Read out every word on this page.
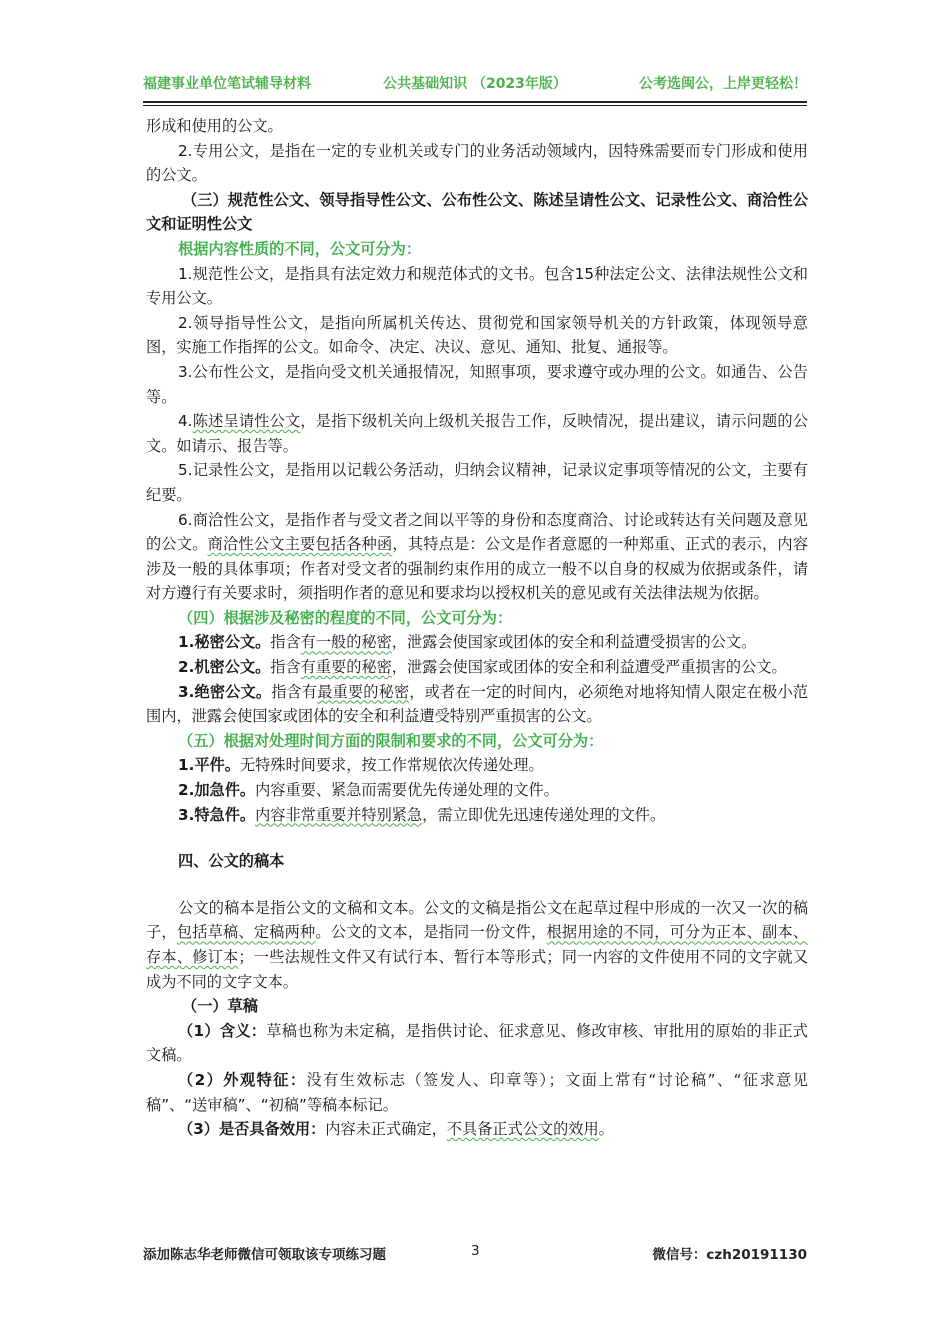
福建事业单位笔试辅导材料	公共基础知识 （2023年版）	公考选闽公，上岸更轻松！

形成和使用的公文。

2.专用公文，是指在一定的专业机关或专门的业务活动领域内，因特殊需要而专门形成和使用的公文。

（三）规范性公文、领导指导性公文、公布性公文、陈述呈请性公文、记录性公文、商洽性公文和证明性公文

根据内容性质的不同，公文可分为：

1.规范性公文，是指具有法定效力和规范体式的文书。包含15种法定公文、法律法规性公文和专用公文。

2.领导指导性公文，是指向所属机关传达、贯彻党和国家领导机关的方针政策，体现领导意图，实施工作指挥的公文。如命令、决定、决议、意见、通知、批复、通报等。

3.公布性公文，是指向受文机关通报情况，知照事项，要求遵守或办理的公文。如通告、公告等。

4.陈述呈请性公文，是指下级机关向上级机关报告工作，反映情况，提出建议，请示问题的公文。如请示、报告等。

5.记录性公文，是指用以记载公务活动，归纳会议精神，记录议定事项等情况的公文，主要有纪要。

6.商洽性公文，是指作者与受文者之间以平等的身份和态度商洽、讨论或转达有关问题及意见的公文。商洽性公文主要包括各种函，其特点是：公文是作者意愿的一种郑重、正式的表示，内容涉及一般的具体事项；作者对受文者的强制约束作用的成立一般不以自身的权威为依据或条件，请对方遵行有关要求时，须指明作者的意见和要求均以授权机关的意见或有关法律法规为依据。

（四）根据涉及秘密的程度的不同，公文可分为：

1.秘密公文。指含有一般的秘密，泄露会使国家或团体的安全和利益遭受损害的公文。

2.机密公文。指含有重要的秘密，泄露会使国家或团体的安全和利益遭受严重损害的公文。

3.绝密公文。指含有最重要的秘密，或者在一定的时间内，必须绝对地将知情人限定在极小范围内，泄露会使国家或团体的安全和利益遭受特别严重损害的公文。

（五）根据对处理时间方面的限制和要求的不同，公文可分为：

1.平件。无特殊时间要求，按工作常规依次传递处理。

2.加急件。内容重要、紧急而需要优先传递处理的文件。

3.特急件。内容非常重要并特别紧急，需立即优先迅速传递处理的文件。

四、公文的稿本

公文的稿本是指公文的文稿和文本。公文的文稿是指公文在起草过程中形成的一次又一次的稿子，包括草稿、定稿两种。公文的文本，是指同一份文件，根据用途的不同，可分为正本、副本、存本、修订本；一些法规性文件又有试行本、暂行本等形式；同一内容的文件使用不同的文字就又成为不同的文字文本。

（一）草稿

（1）含义：草稿也称为未定稿，是指供讨论、征求意见、修改审核、审批用的原始的非正式文稿。

（2）外观特征：没有生效标志（签发人、印章等）；文面上常有“讨论稿”、“征求意见稿”、“送审稿”、“初稿”等稿本标记。

（3）是否具备效用：内容未正式确定，不具备正式公文的效用。

添加陈志华老师微信可领取该专项练习题	3	微信号：czh20191130
